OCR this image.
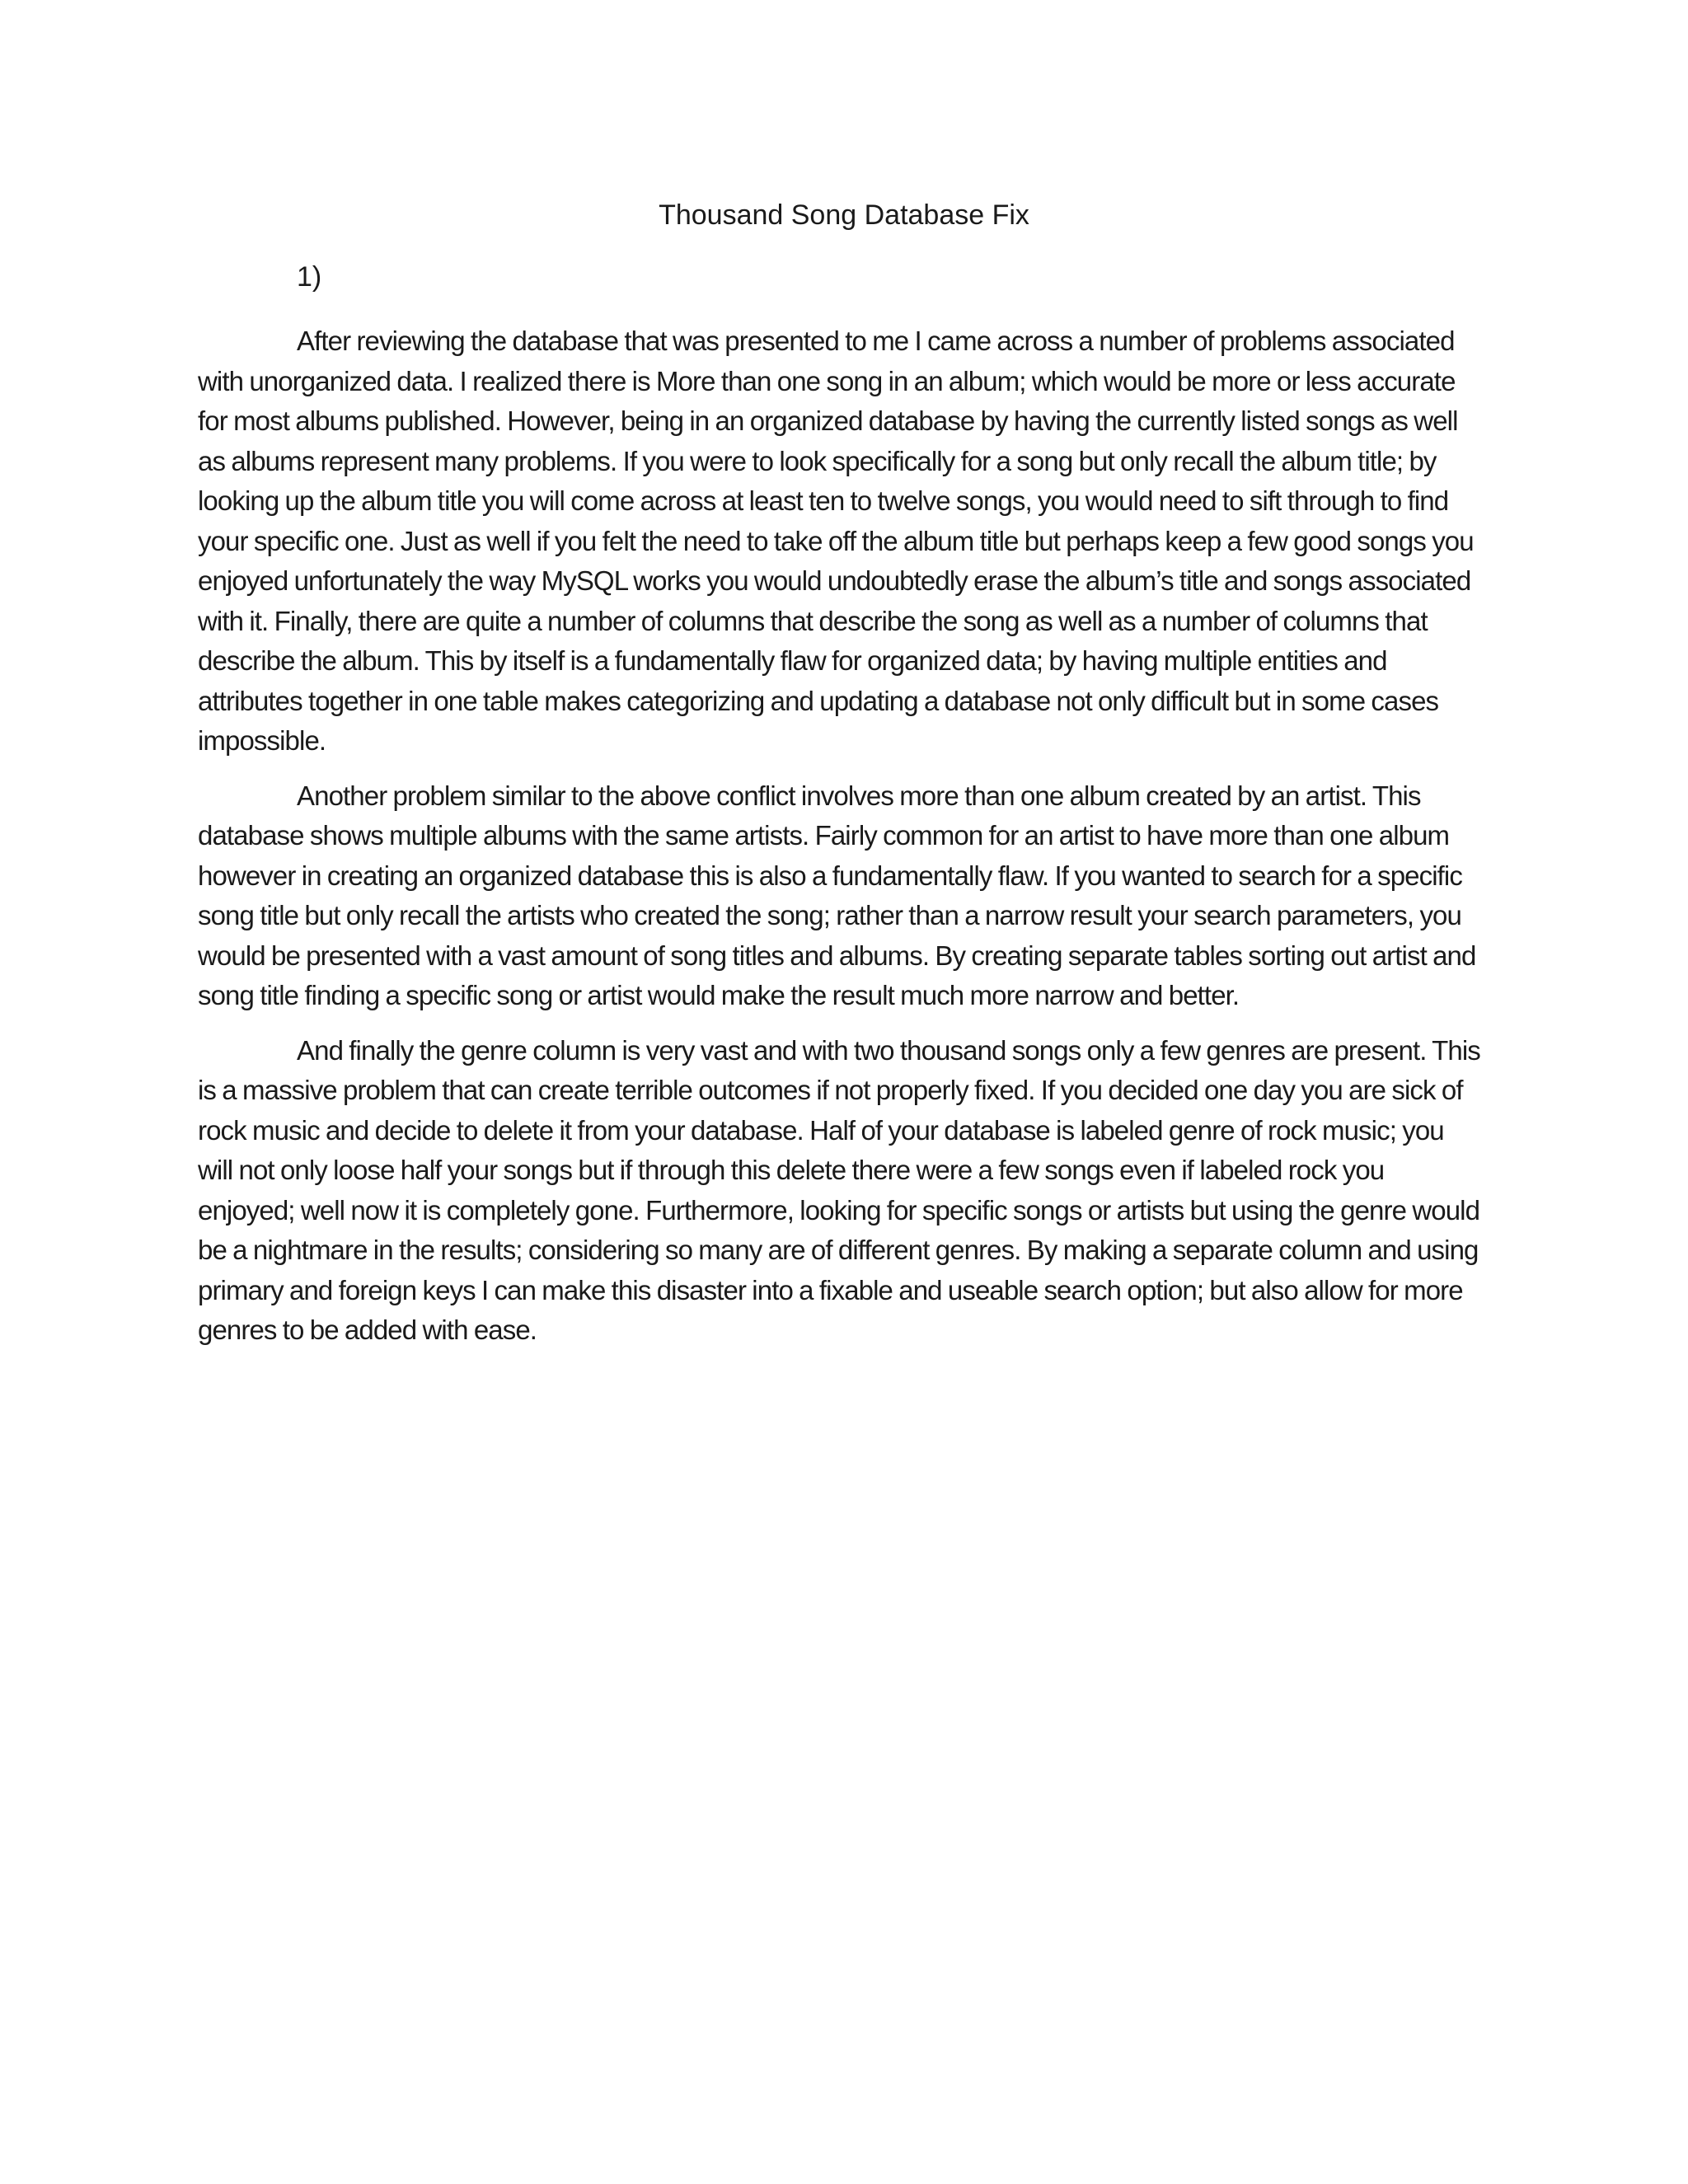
Thousand Song Database Fix
1)

After reviewing the database that was presented to me I came across a number of problems associated with unorganized data. I realized there is More than one song in an album; which would be more or less accurate for most albums published. However, being in an organized database by having the currently listed songs as well as albums represent many problems. If you were to look specifically for a song but only recall the album title; by looking up the album title you will come across at least ten to twelve songs, you would need to sift through to find your specific one. Just as well if you felt the need to take off the album title but perhaps keep a few good songs you enjoyed unfortunately the way MySQL works you would undoubtedly erase the album’s title and songs associated with it. Finally, there are quite a number of columns that describe the song as well as a number of columns that describe the album. This by itself is a fundamentally flaw for organized data; by having multiple entities and attributes together in one table makes categorizing and updating a database not only difficult but in some cases impossible.

Another problem similar to the above conflict involves more than one album created by an artist. This database shows multiple albums with the same artists. Fairly common for an artist to have more than one album however in creating an organized database this is also a fundamentally flaw. If you wanted to search for a specific song title but only recall the artists who created the song; rather than a narrow result your search parameters, you would be presented with a vast amount of song titles and albums. By creating separate tables sorting out artist and song title finding a specific song or artist would make the result much more narrow and better.

And finally the genre column is very vast and with two thousand songs only a few genres are present. This is a massive problem that can create terrible outcomes if not properly fixed. If you decided one day you are sick of rock music and decide to delete it from your database. Half of your database is labeled genre of rock music; you will not only loose half your songs but if through this delete there were a few songs even if labeled rock you enjoyed; well now it is completely gone. Furthermore, looking for specific songs or artists but using the genre would be a nightmare in the results; considering so many are of different genres. By making a separate column and using primary and foreign keys I can make this disaster into a fixable and useable search option; but also allow for more genres to be added with ease.
